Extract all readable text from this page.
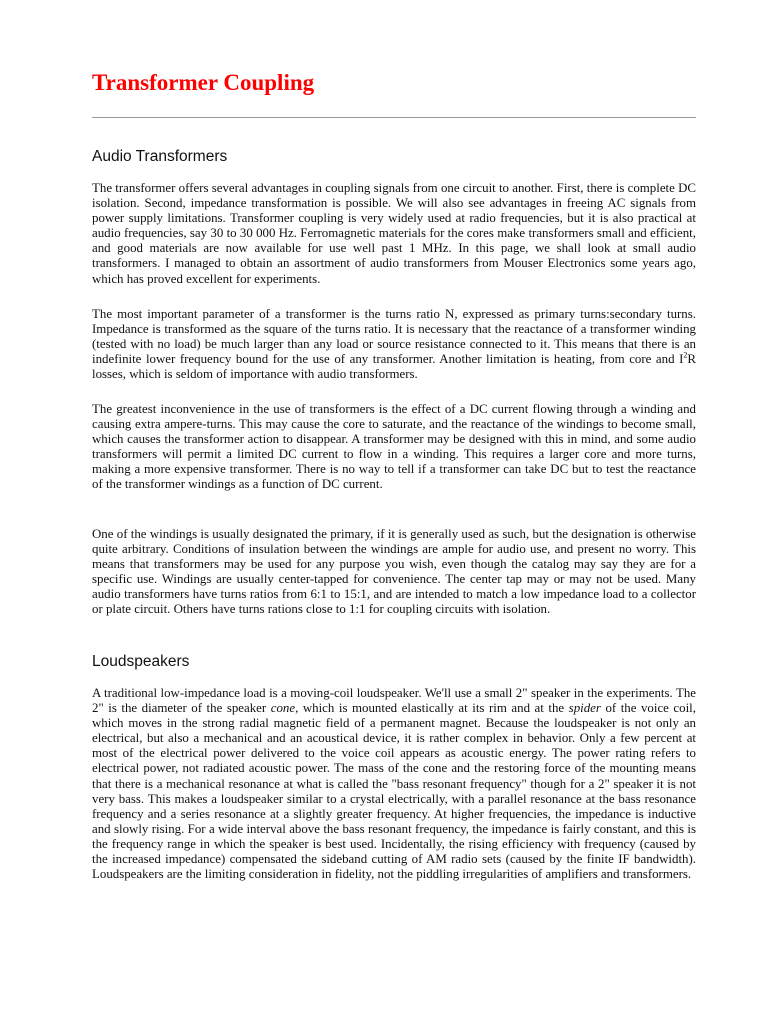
Transformer Coupling
Audio Transformers

The transformer offers several advantages in coupling signals from one circuit to another. First, there is complete DC isolation. Second, impedance transformation is possible. We will also see advantages in freeing AC signals from power supply limitations. Transformer coupling is very widely used at radio frequencies, but it is also practical at audio frequencies, say 30 to 30 000 Hz. Ferromagnetic materials for the cores make transformers small and efficient, and good materials are now available for use well past 1 MHz. In this page, we shall look at small audio transformers. I managed to obtain an assortment of audio transformers from Mouser Electronics some years ago, which has proved excellent for experiments.

The most important parameter of a transformer is the turns ratio N, expressed as primary turns:secondary turns. Impedance is transformed as the square of the turns ratio. It is necessary that the reactance of a transformer winding (tested with no load) be much larger than any load or source resistance connected to it. This means that there is an indefinite lower frequency bound for the use of any transformer. Another limitation is heating, from core and $I^2R$ losses, which is seldom of importance with audio transformers.

The greatest inconvenience in the use of transformers is the effect of a DC current flowing through a winding and causing extra ampere-turns. This may cause the core to saturate, and the reactance of the windings to become small, which causes the transformer action to disappear. A transformer may be designed with this in mind, and some audio transformers will permit a limited DC current to flow in a winding. This requires a larger core and more turns, making a more expensive transformer. There is no way to tell if a transformer can take DC but to test the reactance of the transformer windings as a function of DC current.

One of the windings is usually designated the primary, if it is generally used as such, but the designation is otherwise quite arbitrary. Conditions of insulation between the windings are ample for audio use, and present no worry. This means that transformers may be used for any purpose you wish, even though the catalog may say they are for a specific use. Windings are usually center-tapped for convenience. The center tap may or may not be used. Many audio transformers have turns ratios from 6:1 to 15:1, and are intended to match a low impedance load to a collector or plate circuit. Others have turns rations close to 1:1 for coupling circuits with isolation.

Loudspeakers

A traditional low-impedance load is a moving-coil loudspeaker. We'll use a small 2" speaker in the experiments. The 2" is the diameter of the speaker cone, which is mounted elastically at its rim and at the spider of the voice coil, which moves in the strong radial magnetic field of a permanent magnet. Because the loudspeaker is not only an electrical, but also a mechanical and an acoustical device, it is rather complex in behavior. Only a few percent at most of the electrical power delivered to the voice coil appears as acoustic energy. The power rating refers to electrical power, not radiated acoustic power. The mass of the cone and the restoring force of the mounting means that there is a mechanical resonance at what is called the "bass resonant frequency" though for a 2" speaker it is not very bass. This makes a loudspeaker similar to a crystal electrically, with a parallel resonance at the bass resonance frequency and a series resonance at a slightly greater frequency. At higher frequencies, the impedance is inductive and slowly rising. For a wide interval above the bass resonant frequency, the impedance is fairly constant, and this is the frequency range in which the speaker is best used. Incidentally, the rising efficiency with frequency (caused by the increased impedance) compensated the sideband cutting of AM radio sets (caused by the finite IF bandwidth). Loudspeakers are the limiting consideration in fidelity, not the piddling irregularities of amplifiers and transformers.
